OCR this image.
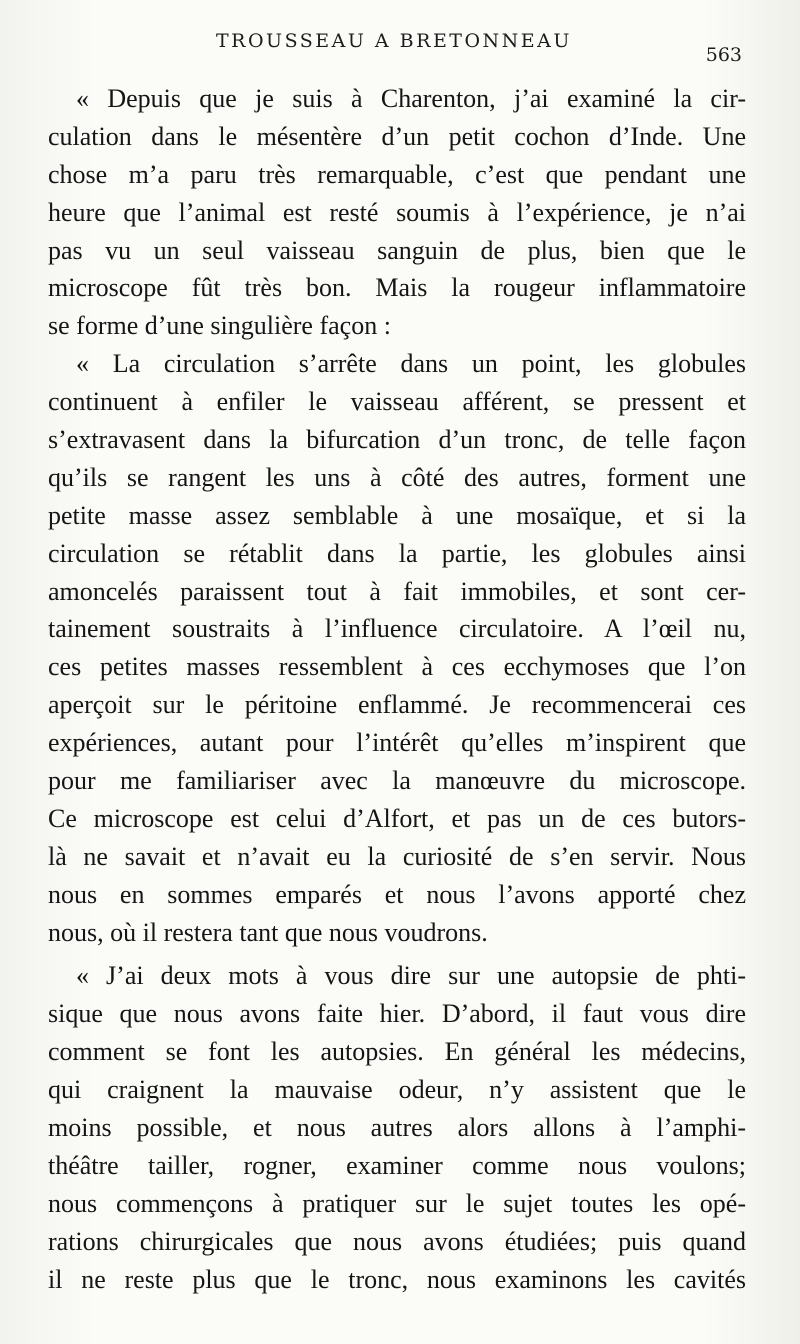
TROUSSEAU A BRETONNEAU
563
« Depuis que je suis à Charenton, j’ai examiné la cir-
culation dans le mésentère d’un petit cochon d’Inde. Une
chose m’a paru très remarquable, c’est que pendant une
heure que l’animal est resté soumis à l’expérience, je n’ai
pas vu un seul vaisseau sanguin de plus, bien que le
microscope fût très bon. Mais la rougeur inflammatoire
se forme d’une singulière façon :
« La circulation s’arrête dans un point, les globules
continuent à enfiler le vaisseau afférent, se pressent et
s’extravasent dans la bifurcation d’un tronc, de telle façon
qu’ils se rangent les uns à côté des autres, forment une
petite masse assez semblable à une mosaïque, et si la
circulation se rétablit dans la partie, les globules ainsi
amoncelés paraissent tout à fait immobiles, et sont cer-
tainement soustraits à l’influence circulatoire. A l’œil nu,
ces petites masses ressemblent à ces ecchymoses que l’on
aperçoit sur le péritoine enflammé. Je recommencerai ces
expériences, autant pour l’intérêt qu’elles m’inspirent que
pour me familiariser avec la manœuvre du microscope.
Ce microscope est celui d’Alfort, et pas un de ces butors-
là ne savait et n’avait eu la curiosité de s’en servir. Nous
nous en sommes emparés et nous l’avons apporté chez
nous, où il restera tant que nous voudrons.
« J’ai deux mots à vous dire sur une autopsie de phti-
sique que nous avons faite hier. D’abord, il faut vous dire
comment se font les autopsies. En général les médecins,
qui craignent la mauvaise odeur, n’y assistent que le
moins possible, et nous autres alors allons à l’amphi-
théâtre tailler, rogner, examiner comme nous voulons;
nous commençons à pratiquer sur le sujet toutes les opé-
rations chirurgicales que nous avons étudiées; puis quand
il ne reste plus que le tronc, nous examinons les cavités
